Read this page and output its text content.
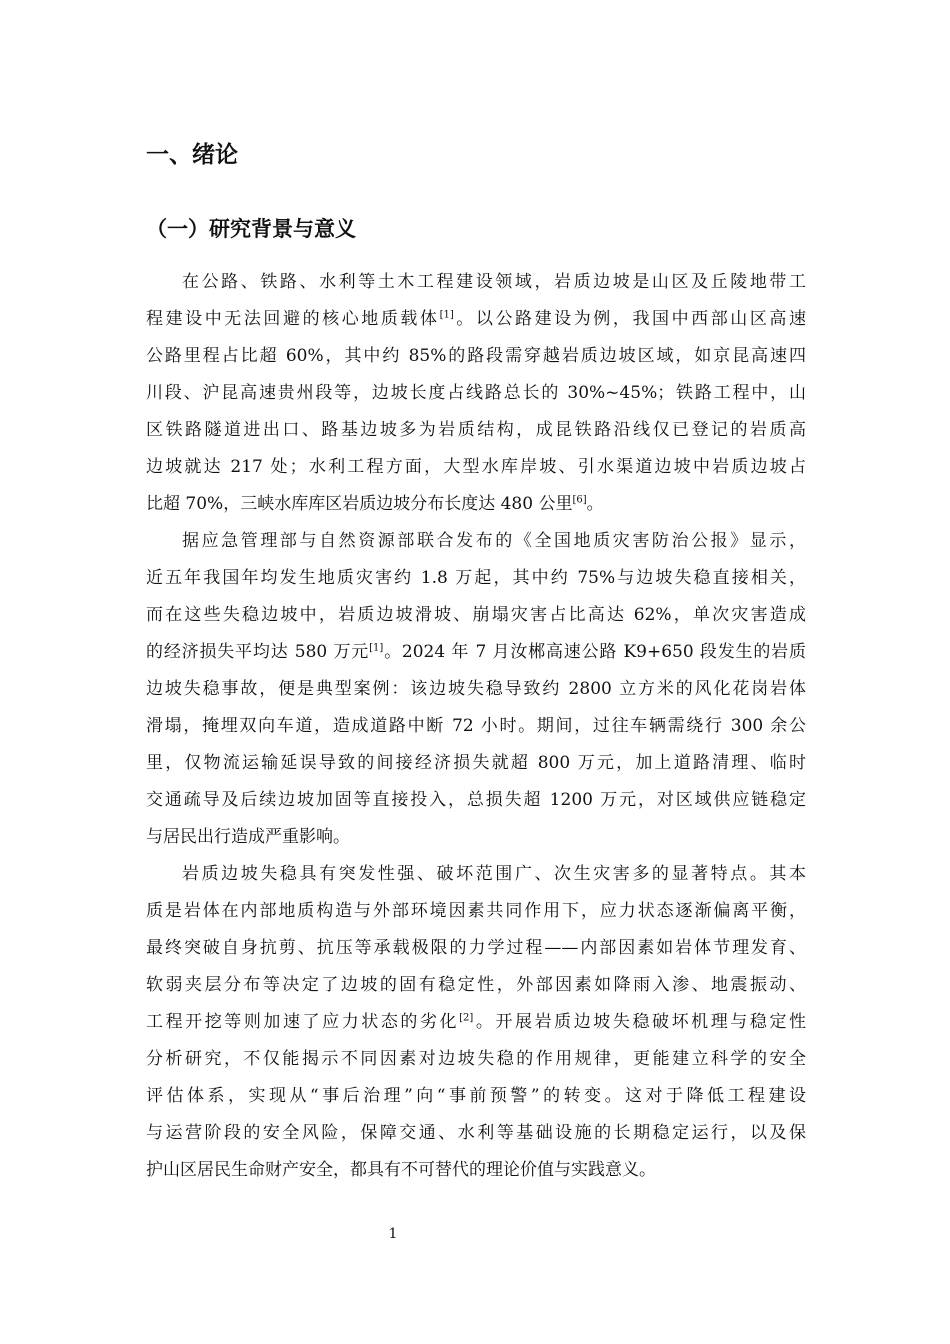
一、绪论
（一）研究背景与意义
在公路、铁路、水利等土木工程建设领域，岩质边坡是山区及丘陵地带工
程建设中无法回避的核心地质载体[1]。以公路建设为例，我国中西部山区高速
公路里程占比超 60%，其中约 85%的路段需穿越岩质边坡区域，如京昆高速四
川段、沪昆高速贵州段等，边坡长度占线路总长的 30%~45%；铁路工程中，山
区铁路隧道进出口、路基边坡多为岩质结构，成昆铁路沿线仅已登记的岩质高
边坡就达 217 处；水利工程方面，大型水库岸坡、引水渠道边坡中岩质边坡占
比超 70%，三峡水库库区岩质边坡分布长度达 480 公里[6]。
据应急管理部与自然资源部联合发布的《全国地质灾害防治公报》显示，
近五年我国年均发生地质灾害约 1.8 万起，其中约 75%与边坡失稳直接相关，
而在这些失稳边坡中，岩质边坡滑坡、崩塌灾害占比高达 62%，单次灾害造成
的经济损失平均达 580 万元[1]。2024 年 7 月汝郴高速公路 K9+650 段发生的岩质
边坡失稳事故，便是典型案例：该边坡失稳导致约 2800 立方米的风化花岗岩体
滑塌，掩埋双向车道，造成道路中断 72 小时。期间，过往车辆需绕行 300 余公
里，仅物流运输延误导致的间接经济损失就超 800 万元，加上道路清理、临时
交通疏导及后续边坡加固等直接投入，总损失超 1200 万元，对区域供应链稳定
与居民出行造成严重影响。
岩质边坡失稳具有突发性强、破坏范围广、次生灾害多的显著特点。其本
质是岩体在内部地质构造与外部环境因素共同作用下，应力状态逐渐偏离平衡，
最终突破自身抗剪、抗压等承载极限的力学过程——内部因素如岩体节理发育、
软弱夹层分布等决定了边坡的固有稳定性，外部因素如降雨入渗、地震振动、
工程开挖等则加速了应力状态的劣化[2]。开展岩质边坡失稳破坏机理与稳定性
分析研究，不仅能揭示不同因素对边坡失稳的作用规律，更能建立科学的安全
评估体系，实现从“事后治理”向“事前预警”的转变。这对于降低工程建设
与运营阶段的安全风险，保障交通、水利等基础设施的长期稳定运行，以及保
护山区居民生命财产安全，都具有不可替代的理论价值与实践意义。
1
